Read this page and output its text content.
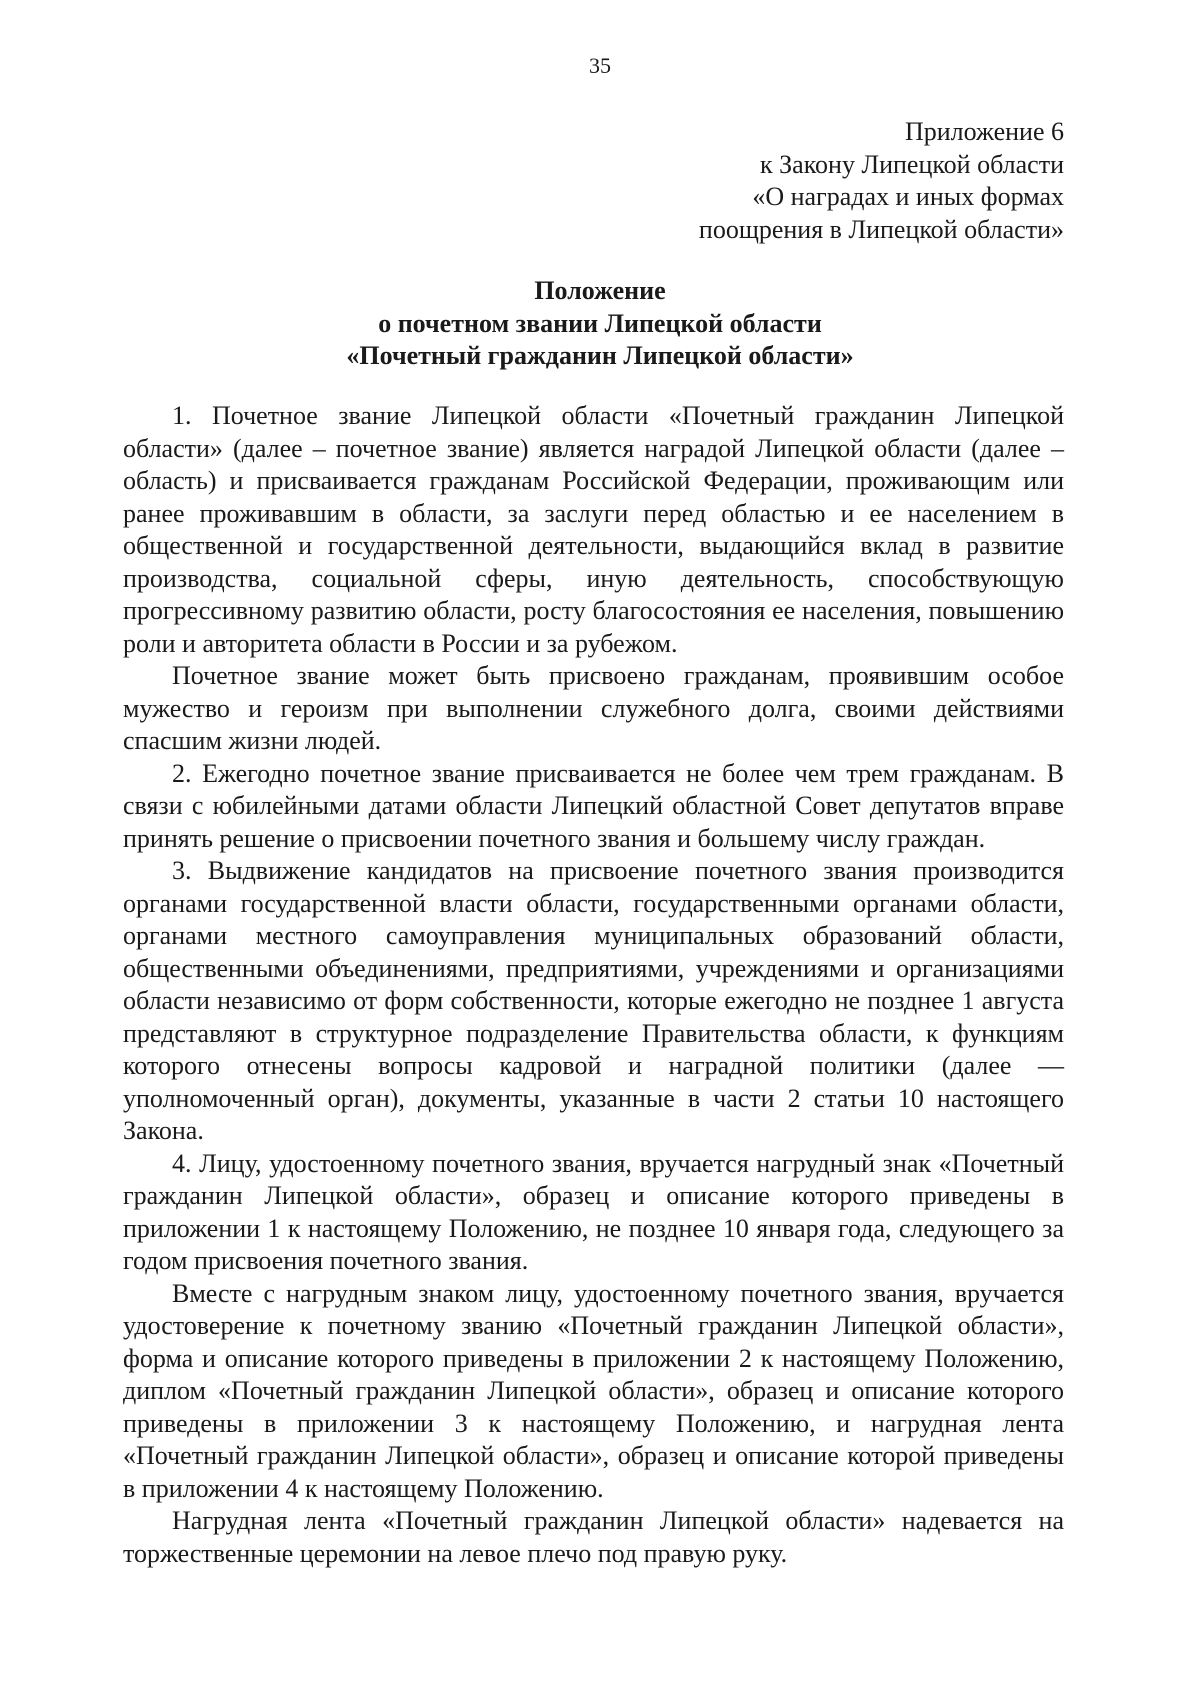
35
Приложение 6
к Закону Липецкой области
«О наградах и иных формах
поощрения в Липецкой области»
Положение
о почетном звании Липецкой области
«Почетный гражданин Липецкой области»

1. Почетное звание Липецкой области «Почетный гражданин Липецкой области» (далее – почетное звание) является наградой Липецкой области (далее – область) и присваивается гражданам Российской Федерации, проживающим или ранее проживавшим в области, за заслуги перед областью и ее населением в общественной и государственной деятельности, выдающийся вклад в развитие производства, социальной сферы, иную деятельность, способствующую прогрессивному развитию области, росту благосостояния ее населения, повышению роли и авторитета области в России и за рубежом.

Почетное звание может быть присвоено гражданам, проявившим особое мужество и героизм при выполнении служебного долга, своими действиями спасшим жизни людей.

2. Ежегодно почетное звание присваивается не более чем трем гражданам. В связи с юбилейными датами области Липецкий областной Совет депутатов вправе принять решение о присвоении почетного звания и большему числу граждан.

3. Выдвижение кандидатов на присвоение почетного звания производится органами государственной власти области, государственными органами области, органами местного самоуправления муниципальных образований области, общественными объединениями, предприятиями, учреждениями и организациями области независимо от форм собственности, которые ежегодно не позднее 1 августа представляют в структурное подразделение Правительства области, к функциям которого отнесены вопросы кадровой и наградной политики (далее — уполномоченный орган), документы, указанные в части 2 статьи 10 настоящего Закона.

4. Лицу, удостоенному почетного звания, вручается нагрудный знак «Почетный гражданин Липецкой области», образец и описание которого приведены в приложении 1 к настоящему Положению, не позднее 10 января года, следующего за годом присвоения почетного звания.

Вместе с нагрудным знаком лицу, удостоенному почетного звания, вручается удостоверение к почетному званию «Почетный гражданин Липецкой области», форма и описание которого приведены в приложении 2 к настоящему Положению, диплом «Почетный гражданин Липецкой области», образец и описание которого приведены в приложении 3 к настоящему Положению, и нагрудная лента «Почетный гражданин Липецкой области», образец и описание которой приведены в приложении 4 к настоящему Положению.

Нагрудная лента «Почетный гражданин Липецкой области» надевается на торжественные церемонии на левое плечо под правую руку.
